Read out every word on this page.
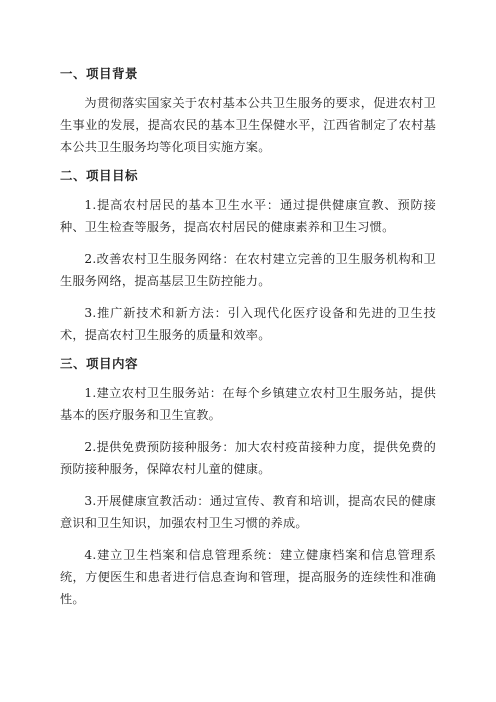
一、项目背景

为贯彻落实国家关于农村基本公共卫生服务的要求，促进农村卫生事业的发展，提高农民的基本卫生保健水平，江西省制定了农村基本公共卫生服务均等化项目实施方案。

二、项目目标

1.提高农村居民的基本卫生水平：通过提供健康宣教、预防接种、卫生检查等服务，提高农村居民的健康素养和卫生习惯。

2.改善农村卫生服务网络：在农村建立完善的卫生服务机构和卫生服务网络，提高基层卫生防控能力。

3.推广新技术和新方法：引入现代化医疗设备和先进的卫生技术，提高农村卫生服务的质量和效率。

三、项目内容

1.建立农村卫生服务站：在每个乡镇建立农村卫生服务站，提供基本的医疗服务和卫生宣教。

2.提供免费预防接种服务：加大农村疫苗接种力度，提供免费的预防接种服务，保障农村儿童的健康。

3.开展健康宣教活动：通过宣传、教育和培训，提高农民的健康意识和卫生知识，加强农村卫生习惯的养成。

4.建立卫生档案和信息管理系统：建立健康档案和信息管理系统，方便医生和患者进行信息查询和管理，提高服务的连续性和准确性。
